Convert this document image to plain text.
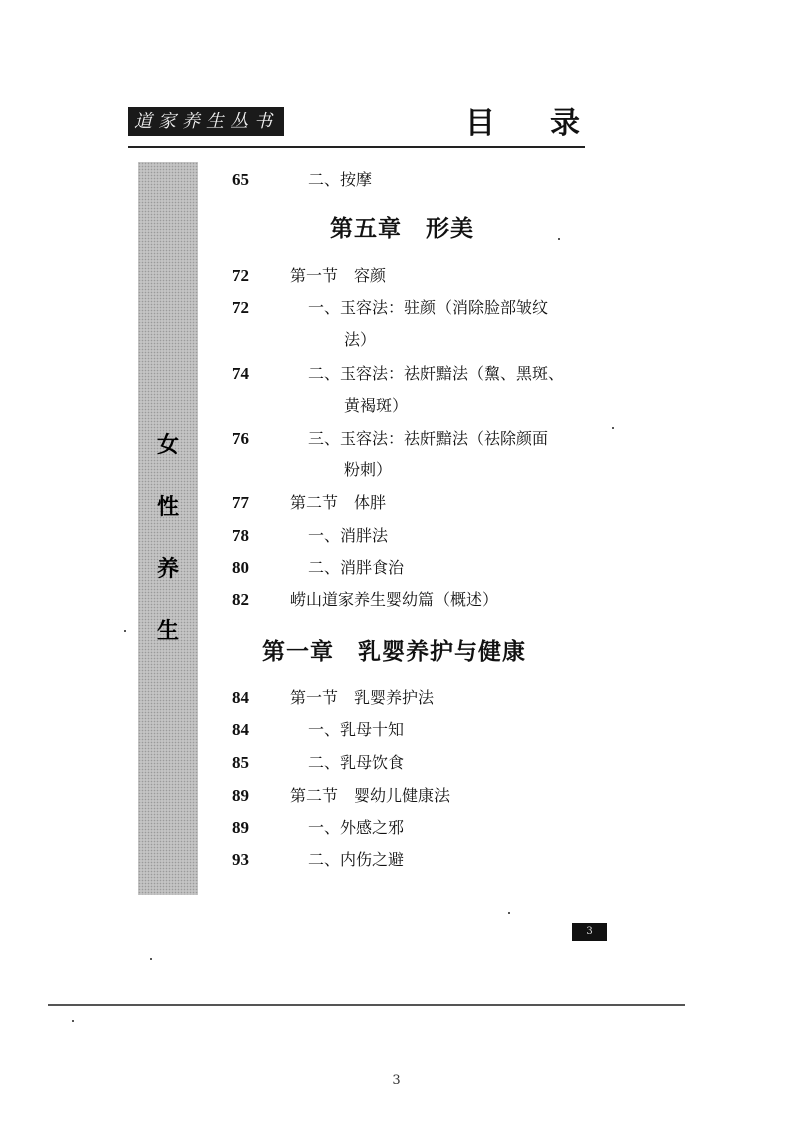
道家养生丛书	目 录
女
性
养
生
65	二、按摩
第五章　形美
72	第一节　容颜
72	一、玉容法：驻颜（消除脸部皱纹
法）
74	二、玉容法：祛皯黯法（黧、黑斑、
黄褐斑）
76	三、玉容法：祛皯黯法（祛除颜面
粉刺）
77	第二节　体胖
78	一、消胖法
80	二、消胖食治
82	崂山道家养生婴幼篇（概述）
第一章　乳婴养护与健康
84	第一节　乳婴养护法
84	一、乳母十知
85	二、乳母饮食
89	第二节　婴幼儿健康法
89	一、外感之邪
93	二、内伤之避
3
3
